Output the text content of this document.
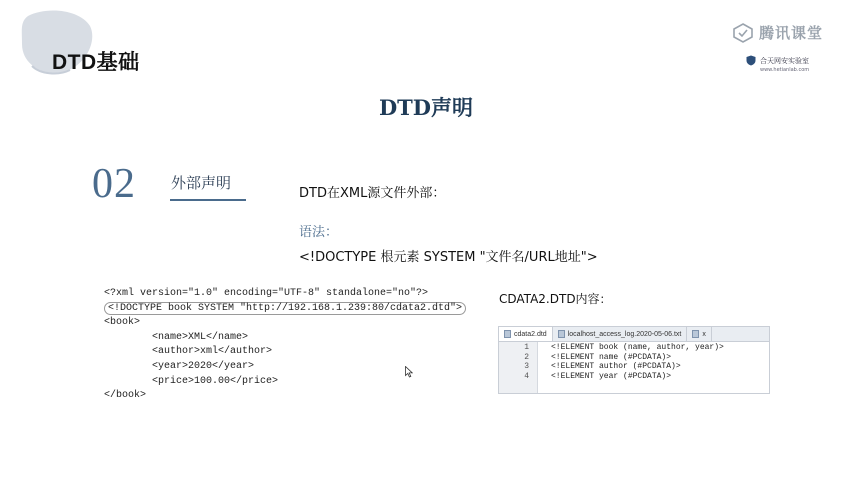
DTD基础
腾讯课堂
合天网安实验室
www.hetianlab.com
DTD声明
02 外部声明
DTD在XML源文件外部：
语法：
<!DOCTYPE 根元素 SYSTEM "文件名/URL地址">
<?xml version="1.0" encoding="UTF-8" standalone="no"?>
<!DOCTYPE book SYSTEM "http://192.168.1.239:80/cdata2.dtd">
<book>
<name>XML</name>
<author>xml</author>
<year>2020</year>
<price>100.00</price>
</book>
CDATA2.DTD内容：
cdata2.dtd	localhost_access_log.2020-05-06.txt	x
1	<!ELEMENT book (name, author, year)>
2	<!ELEMENT name (#PCDATA)>
3	<!ELEMENT author (#PCDATA)>
4	<!ELEMENT year (#PCDATA)>
